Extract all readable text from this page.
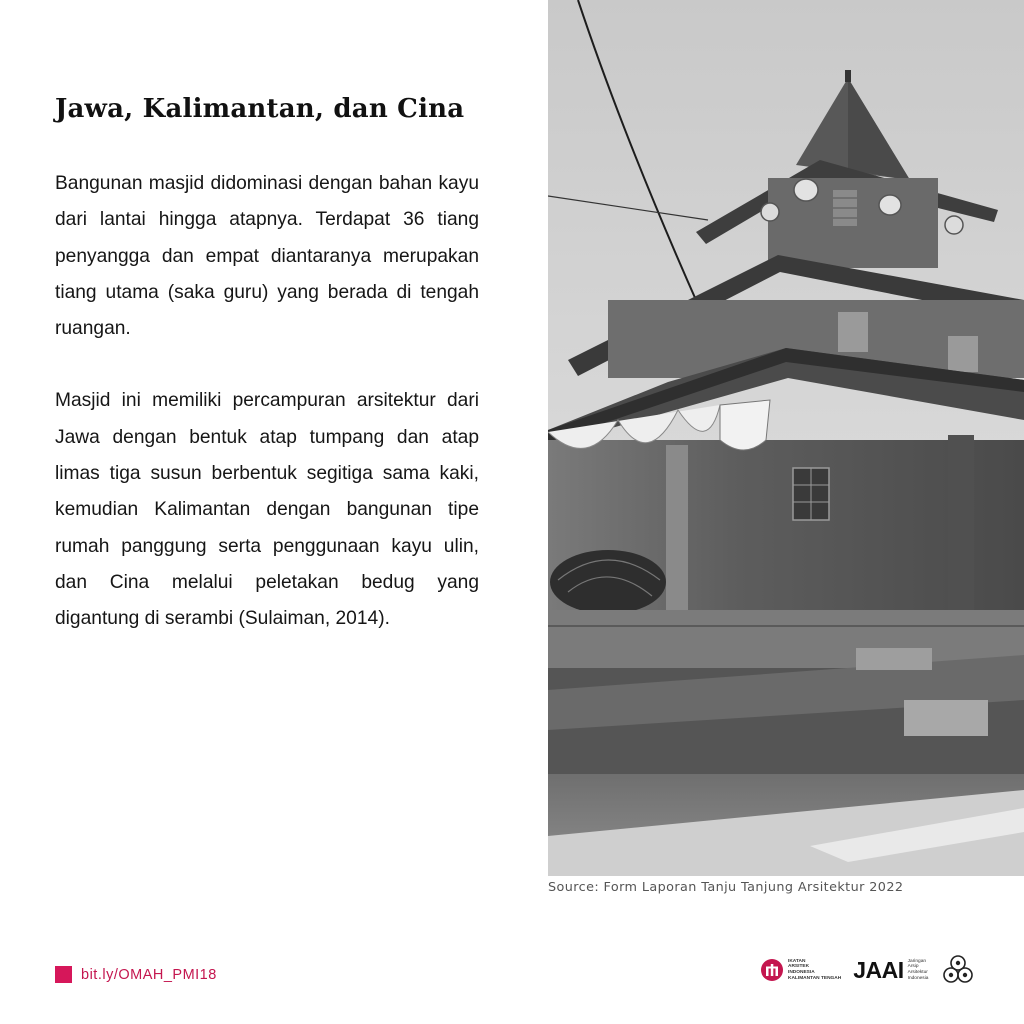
Jawa, Kalimantan, dan Cina

Bangunan masjid didominasi dengan bahan kayu dari lantai hingga atapnya. Terdapat 36 tiang penyangga dan empat diantaranya merupakan tiang utama (saka guru) yang berada di tengah ruangan.

Masjid ini memiliki percampuran arsitektur dari Jawa dengan bentuk atap tumpang dan atap limas tiga susun berbentuk segitiga sama kaki, kemudian Kalimantan dengan bangunan tipe rumah panggung serta penggunaan kayu ulin, dan Cina melalui peletakan bedug yang digantung di serambi (Sulaiman, 2014).

Source: Form Laporan Tanju Tanjung Arsitektur 2022

bit.ly/OMAH_PMI18
IKATAN
ARSITEK
INDONESIA
KALIMANTAN TENGAH JAAI Jaringan
Arsip
Arsitektur
Indonesia
